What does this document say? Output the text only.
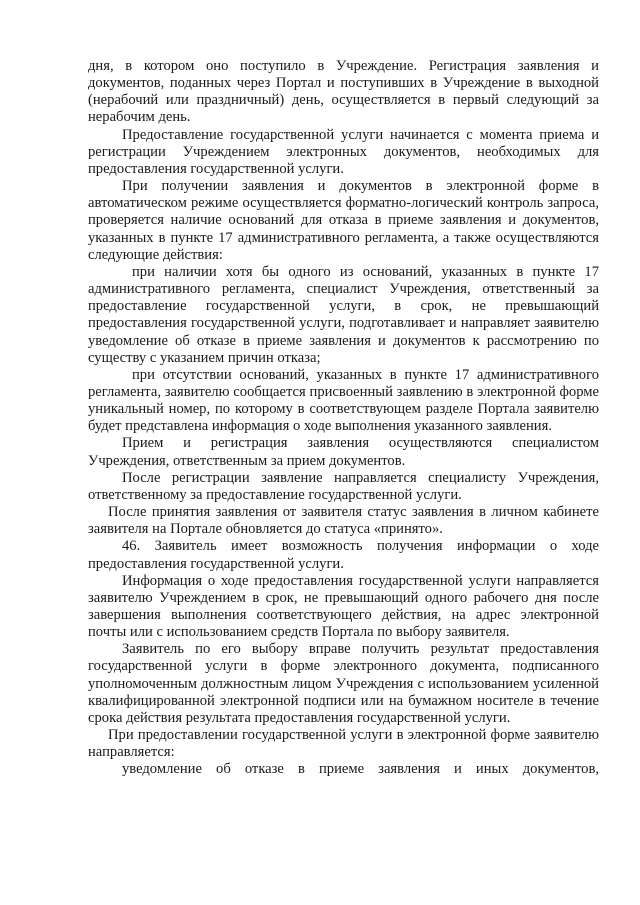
дня, в котором оно поступило в Учреждение. Регистрация заявления и документов, поданных через Портал и поступивших в Учреждение в выходной (нерабочий или праздничный) день, осуществляется в первый следующий за нерабочим день.

Предоставление государственной услуги начинается с момента приема и регистрации Учреждением электронных документов, необходимых для предоставления государственной услуги.

При получении заявления и документов в электронной форме в автоматическом режиме осуществляется форматно-логический контроль запроса, проверяется наличие оснований для отказа в приеме заявления и документов, указанных в пункте 17 административного регламента, а также осуществляются следующие действия:

при наличии хотя бы одного из оснований, указанных в пункте 17 административного регламента, специалист Учреждения, ответственный за предоставление государственной услуги, в срок, не превышающий предоставления государственной услуги, подготавливает и направляет заявителю уведомление об отказе в приеме заявления и документов к рассмотрению по существу с указанием причин отказа;

при отсутствии оснований, указанных в пункте 17 административного регламента, заявителю сообщается присвоенный заявлению в электронной форме уникальный номер, по которому в соответствующем разделе Портала заявителю будет представлена информация о ходе выполнения указанного заявления.

Прием и регистрация заявления осуществляются специалистом Учреждения, ответственным за прием документов.

После регистрации заявление направляется специалисту Учреждения, ответственному за предоставление государственной услуги.

После принятия заявления от заявителя статус заявления в личном кабинете заявителя на Портале обновляется до статуса «принято».

46. Заявитель имеет возможность получения информации о ходе предоставления государственной услуги.

Информация о ходе предоставления государственной услуги направляется заявителю Учреждением в срок, не превышающий одного рабочего дня после завершения выполнения соответствующего действия, на адрес электронной почты или с использованием средств Портала по выбору заявителя.

Заявитель по его выбору вправе получить результат предоставления государственной услуги в форме электронного документа, подписанного уполномоченным должностным лицом Учреждения с использованием усиленной квалифицированной электронной подписи или на бумажном носителе в течение срока действия результата предоставления государственной услуги.

При предоставлении государственной услуги в электронной форме заявителю направляется:

уведомление об отказе в приеме заявления и иных документов,
